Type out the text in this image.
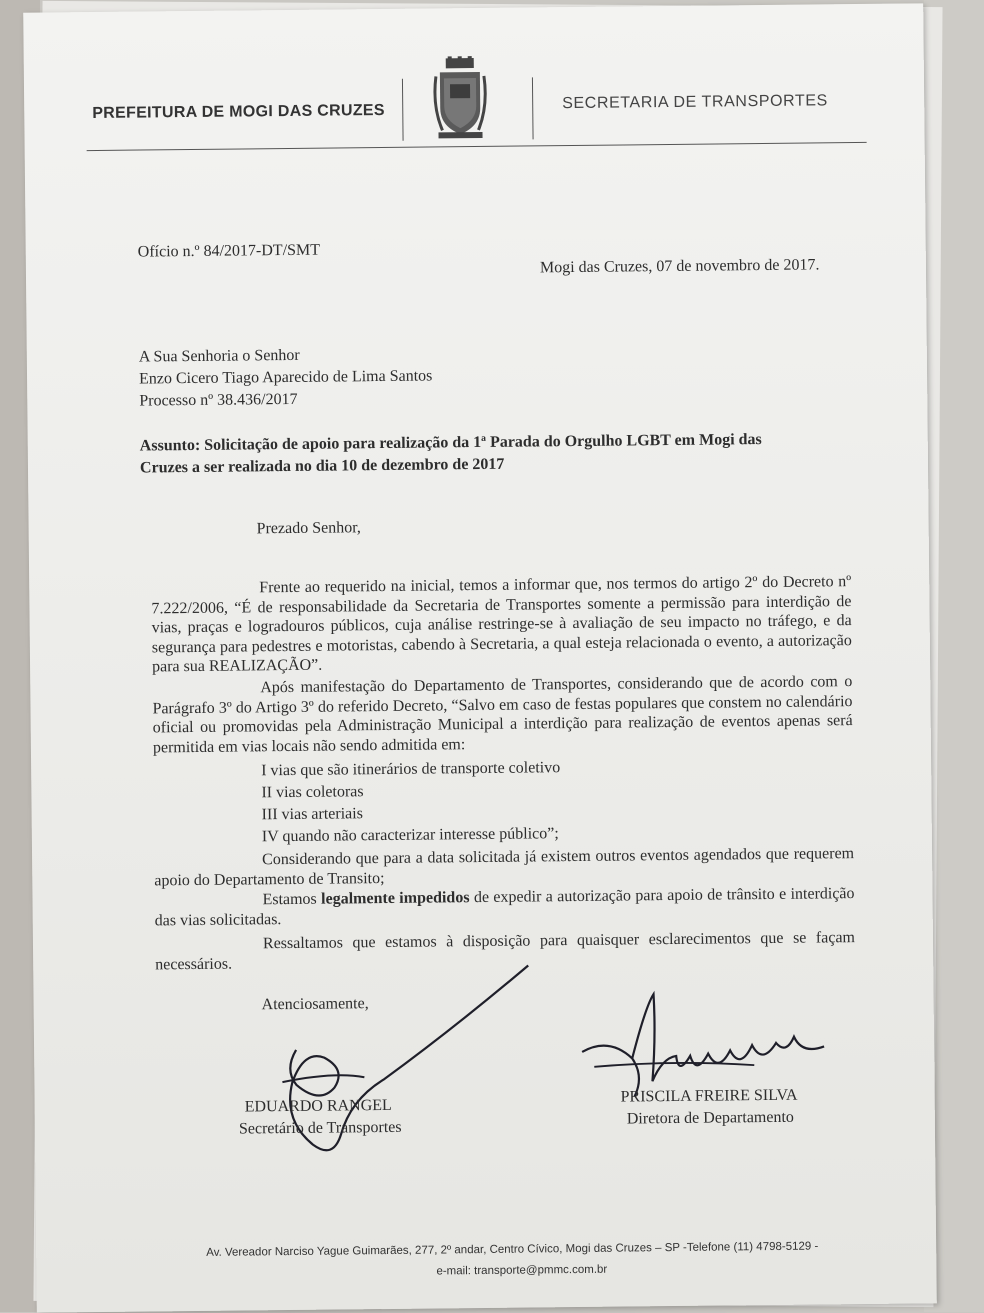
PREFEITURA DE MOGI DAS CRUZES	SECRETARIA DE TRANSPORTES
Ofício n.º 84/2017-DT/SMT
Mogi das Cruzes, 07 de novembro de 2017.
A Sua Senhoria o Senhor
Enzo Cicero Tiago Aparecido de Lima Santos
Processo nº 38.436/2017
Assunto: Solicitação de apoio para realização da 1ª Parada do Orgulho LGBT em Mogi das
Cruzes a ser realizada no dia 10 de dezembro de 2017
Prezado Senhor,
Frente ao requerido na inicial, temos a informar que, nos termos do artigo 2º do Decreto nº 7.222/2006, “É de responsabilidade da Secretaria de Transportes somente a permissão para interdição de vias, praças e logradouros públicos, cuja análise restringe-se à avaliação de seu impacto no tráfego, e da segurança para pedestres e motoristas, cabendo à Secretaria, a qual esteja relacionada o evento, a autorização para sua REALIZAÇÃO”.
Após manifestação do Departamento de Transportes, considerando que de acordo com o Parágrafo 3º do Artigo 3º do referido Decreto, “Salvo em caso de festas populares que constem no calendário oficial ou promovidas pela Administração Municipal a interdição para realização de eventos apenas será permitida em vias locais não sendo admitida em:
I vias que são itinerários de transporte coletivo
II vias coletoras
III vias arteriais
IV quando não caracterizar interesse público”;
Considerando que para a data solicitada já existem outros eventos agendados que requerem apoio do Departamento de Transito;
Estamos legalmente impedidos de expedir a autorização para apoio de trânsito e interdição das vias solicitadas.
Ressaltamos que estamos à disposição para quaisquer esclarecimentos que se façam necessários.
Atenciosamente,
EDUARDO RANGEL
Secretário de Transportes
PRISCILA FREIRE SILVA
Diretora de Departamento
Av. Vereador Narciso Yague Guimarães, 277, 2º andar, Centro Cívico, Mogi das Cruzes – SP -Telefone (11) 4798-5129 -
e-mail: transporte@pmmc.com.br
